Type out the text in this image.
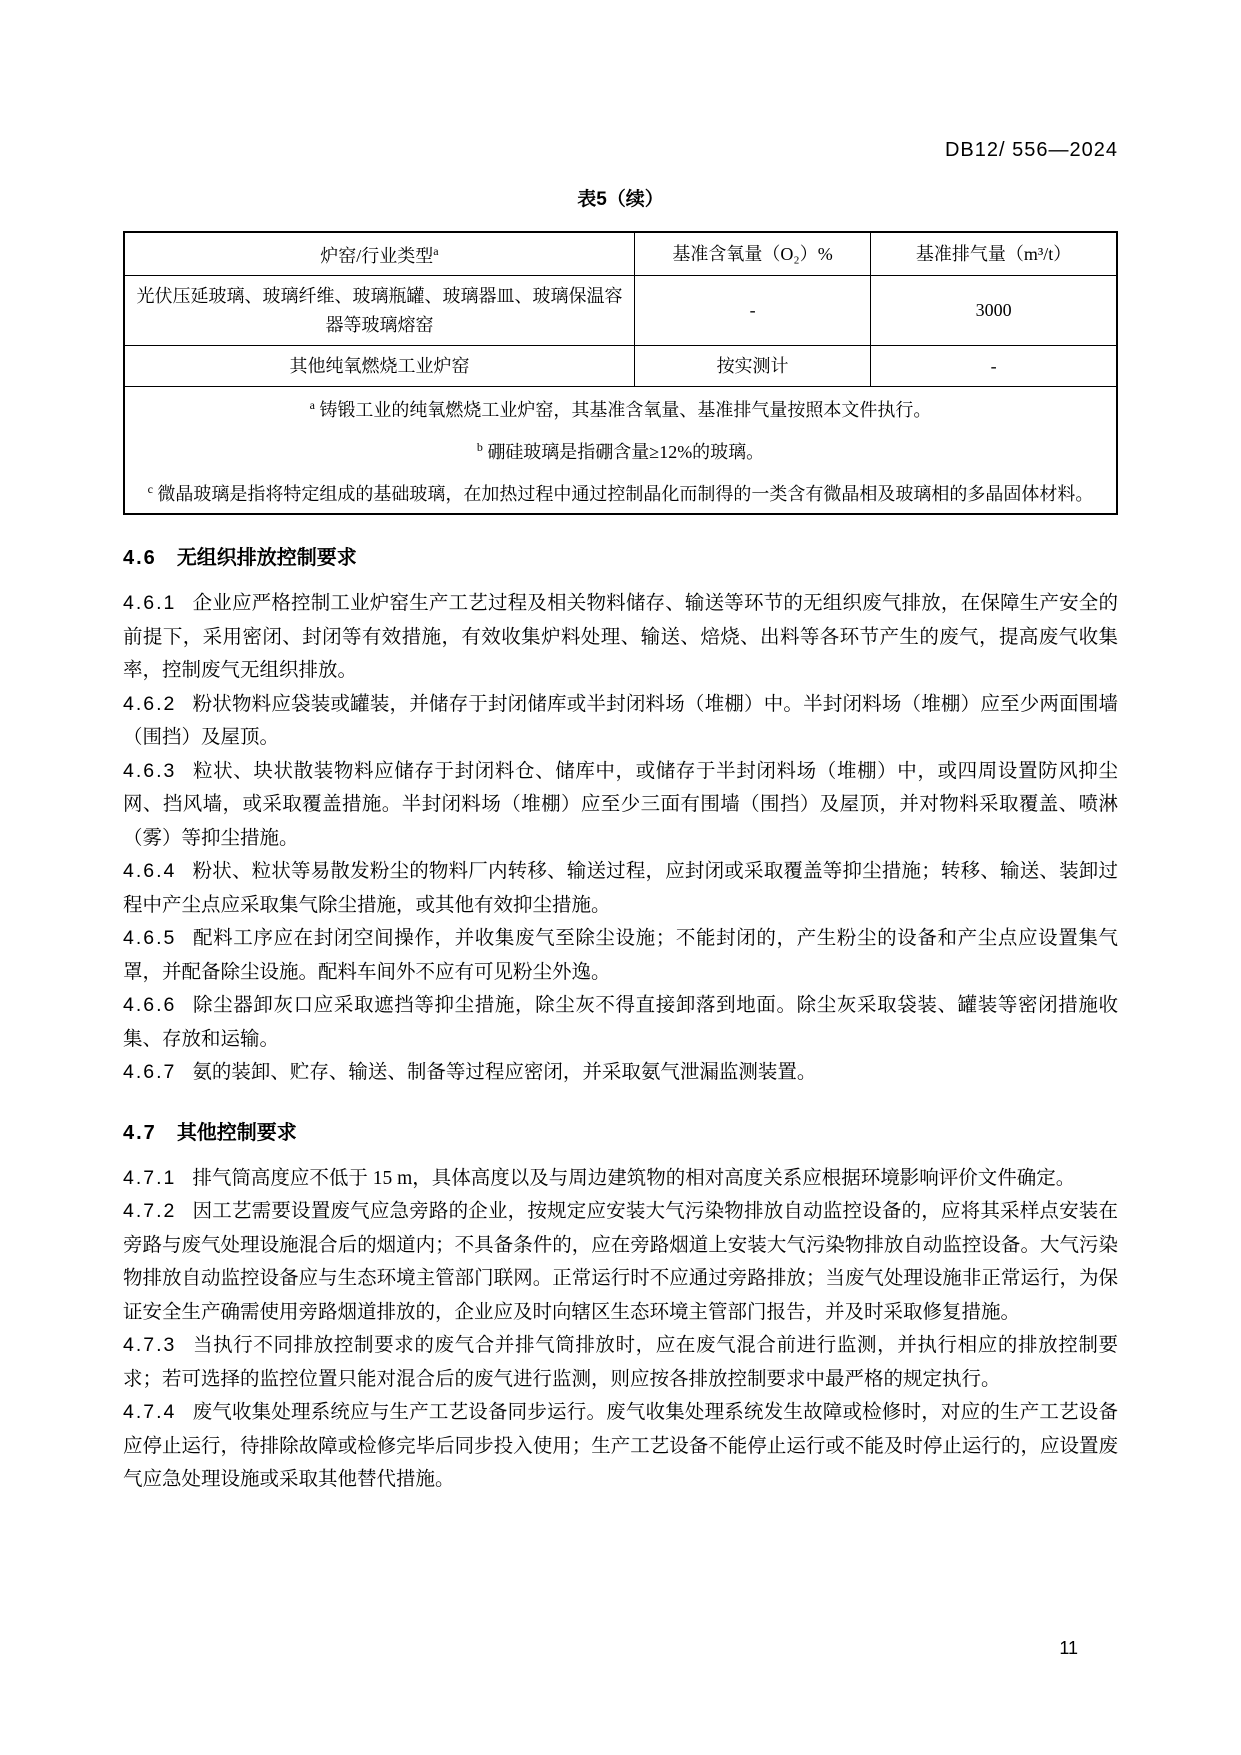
DB12/ 556—2024

表5（续）

炉窑/行业类型$^a$	基准含氧量（O₂）%	基准排气量（m³/t）
光伏压延玻璃、玻璃纤维、玻璃瓶罐、玻璃器皿、玻璃保温容器等玻璃熔窑	-	3000
其他纯氧燃烧工业炉窑	按实测计	-

$^a$ 铸锻工业的纯氧燃烧工业炉窑，其基准含氧量、基准排气量按照本文件执行。
$^b$ 硼硅玻璃是指硼含量≥12%的玻璃。
$^c$ 微晶玻璃是指将特定组成的基础玻璃，在加热过程中通过控制晶化而制得的一类含有微晶相及玻璃相的多晶固体材料。		

4.6 无组织排放控制要求

4.6.1 企业应严格控制工业炉窑生产工艺过程及相关物料储存、输送等环节的无组织废气排放，在保障生产安全的前提下，采用密闭、封闭等有效措施，有效收集炉料处理、输送、焙烧、出料等各环节产生的废气，提高废气收集率，控制废气无组织排放。

4.6.2 粉状物料应袋装或罐装，并储存于封闭储库或半封闭料场（堆棚）中。半封闭料场（堆棚）应至少两面围墙（围挡）及屋顶。

4.6.3 粒状、块状散装物料应储存于封闭料仓、储库中，或储存于半封闭料场（堆棚）中，或四周设置防风抑尘网、挡风墙，或采取覆盖措施。半封闭料场（堆棚）应至少三面有围墙（围挡）及屋顶，并对物料采取覆盖、喷淋（雾）等抑尘措施。

4.6.4 粉状、粒状等易散发粉尘的物料厂内转移、输送过程，应封闭或采取覆盖等抑尘措施；转移、输送、装卸过程中产尘点应采取集气除尘措施，或其他有效抑尘措施。

4.6.5 配料工序应在封闭空间操作，并收集废气至除尘设施；不能封闭的，产生粉尘的设备和产尘点应设置集气罩，并配备除尘设施。配料车间外不应有可见粉尘外逸。

4.6.6 除尘器卸灰口应采取遮挡等抑尘措施，除尘灰不得直接卸落到地面。除尘灰采取袋装、罐装等密闭措施收集、存放和运输。

4.6.7 氨的装卸、贮存、输送、制备等过程应密闭，并采取氨气泄漏监测装置。

4.7 其他控制要求

4.7.1 排气筒高度应不低于 15 m，具体高度以及与周边建筑物的相对高度关系应根据环境影响评价文件确定。

4.7.2 因工艺需要设置废气应急旁路的企业，按规定应安装大气污染物排放自动监控设备的，应将其采样点安装在旁路与废气处理设施混合后的烟道内；不具备条件的，应在旁路烟道上安装大气污染物排放自动监控设备。大气污染物排放自动监控设备应与生态环境主管部门联网。正常运行时不应通过旁路排放；当废气处理设施非正常运行，为保证安全生产确需使用旁路烟道排放的，企业应及时向辖区生态环境主管部门报告，并及时采取修复措施。

4.7.3 当执行不同排放控制要求的废气合并排气筒排放时，应在废气混合前进行监测，并执行相应的排放控制要求；若可选择的监控位置只能对混合后的废气进行监测，则应按各排放控制要求中最严格的规定执行。

4.7.4 废气收集处理系统应与生产工艺设备同步运行。废气收集处理系统发生故障或检修时，对应的生产工艺设备应停止运行，待排除故障或检修完毕后同步投入使用；生产工艺设备不能停止运行或不能及时停止运行的，应设置废气应急处理设施或采取其他替代措施。

11
